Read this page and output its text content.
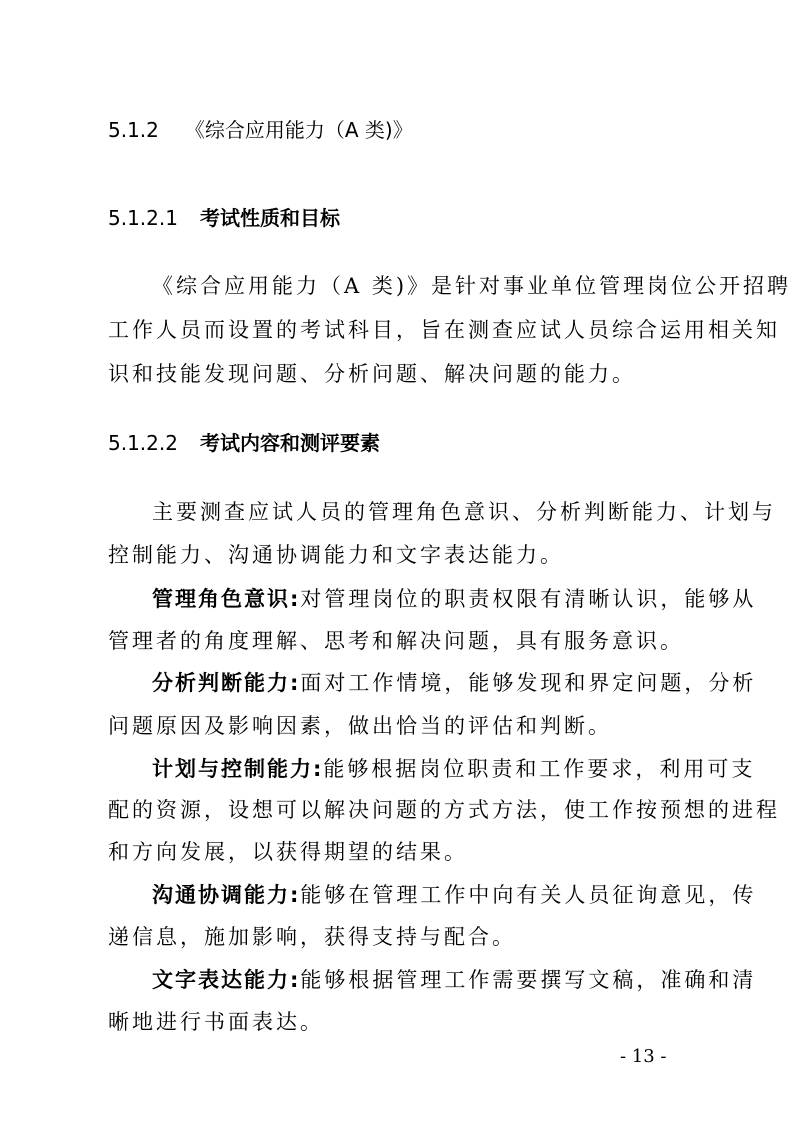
5.1.2 《综合应用能力（A 类)》
5.1.2.1 考试性质和目标
《综合应用能力（A 类)》是针对事业单位管理岗位公开招聘
工作人员而设置的考试科目，旨在测查应试人员综合运用相关知
识和技能发现问题、分析问题、解决问题的能力。
5.1.2.2 考试内容和测评要素
主要测查应试人员的管理角色意识、分析判断能力、计划与
控制能力、沟通协调能力和文字表达能力。
管理角色意识:对管理岗位的职责权限有清晰认识，能够从
管理者的角度理解、思考和解决问题，具有服务意识。
分析判断能力:面对工作情境，能够发现和界定问题，分析
问题原因及影响因素，做出恰当的评估和判断。
计划与控制能力:能够根据岗位职责和工作要求，利用可支
配的资源，设想可以解决问题的方式方法，使工作按预想的进程
和方向发展，以获得期望的结果。
沟通协调能力:能够在管理工作中向有关人员征询意见，传
递信息，施加影响，获得支持与配合。
文字表达能力:能够根据管理工作需要撰写文稿，准确和清
晰地进行书面表达。
- 13 -
